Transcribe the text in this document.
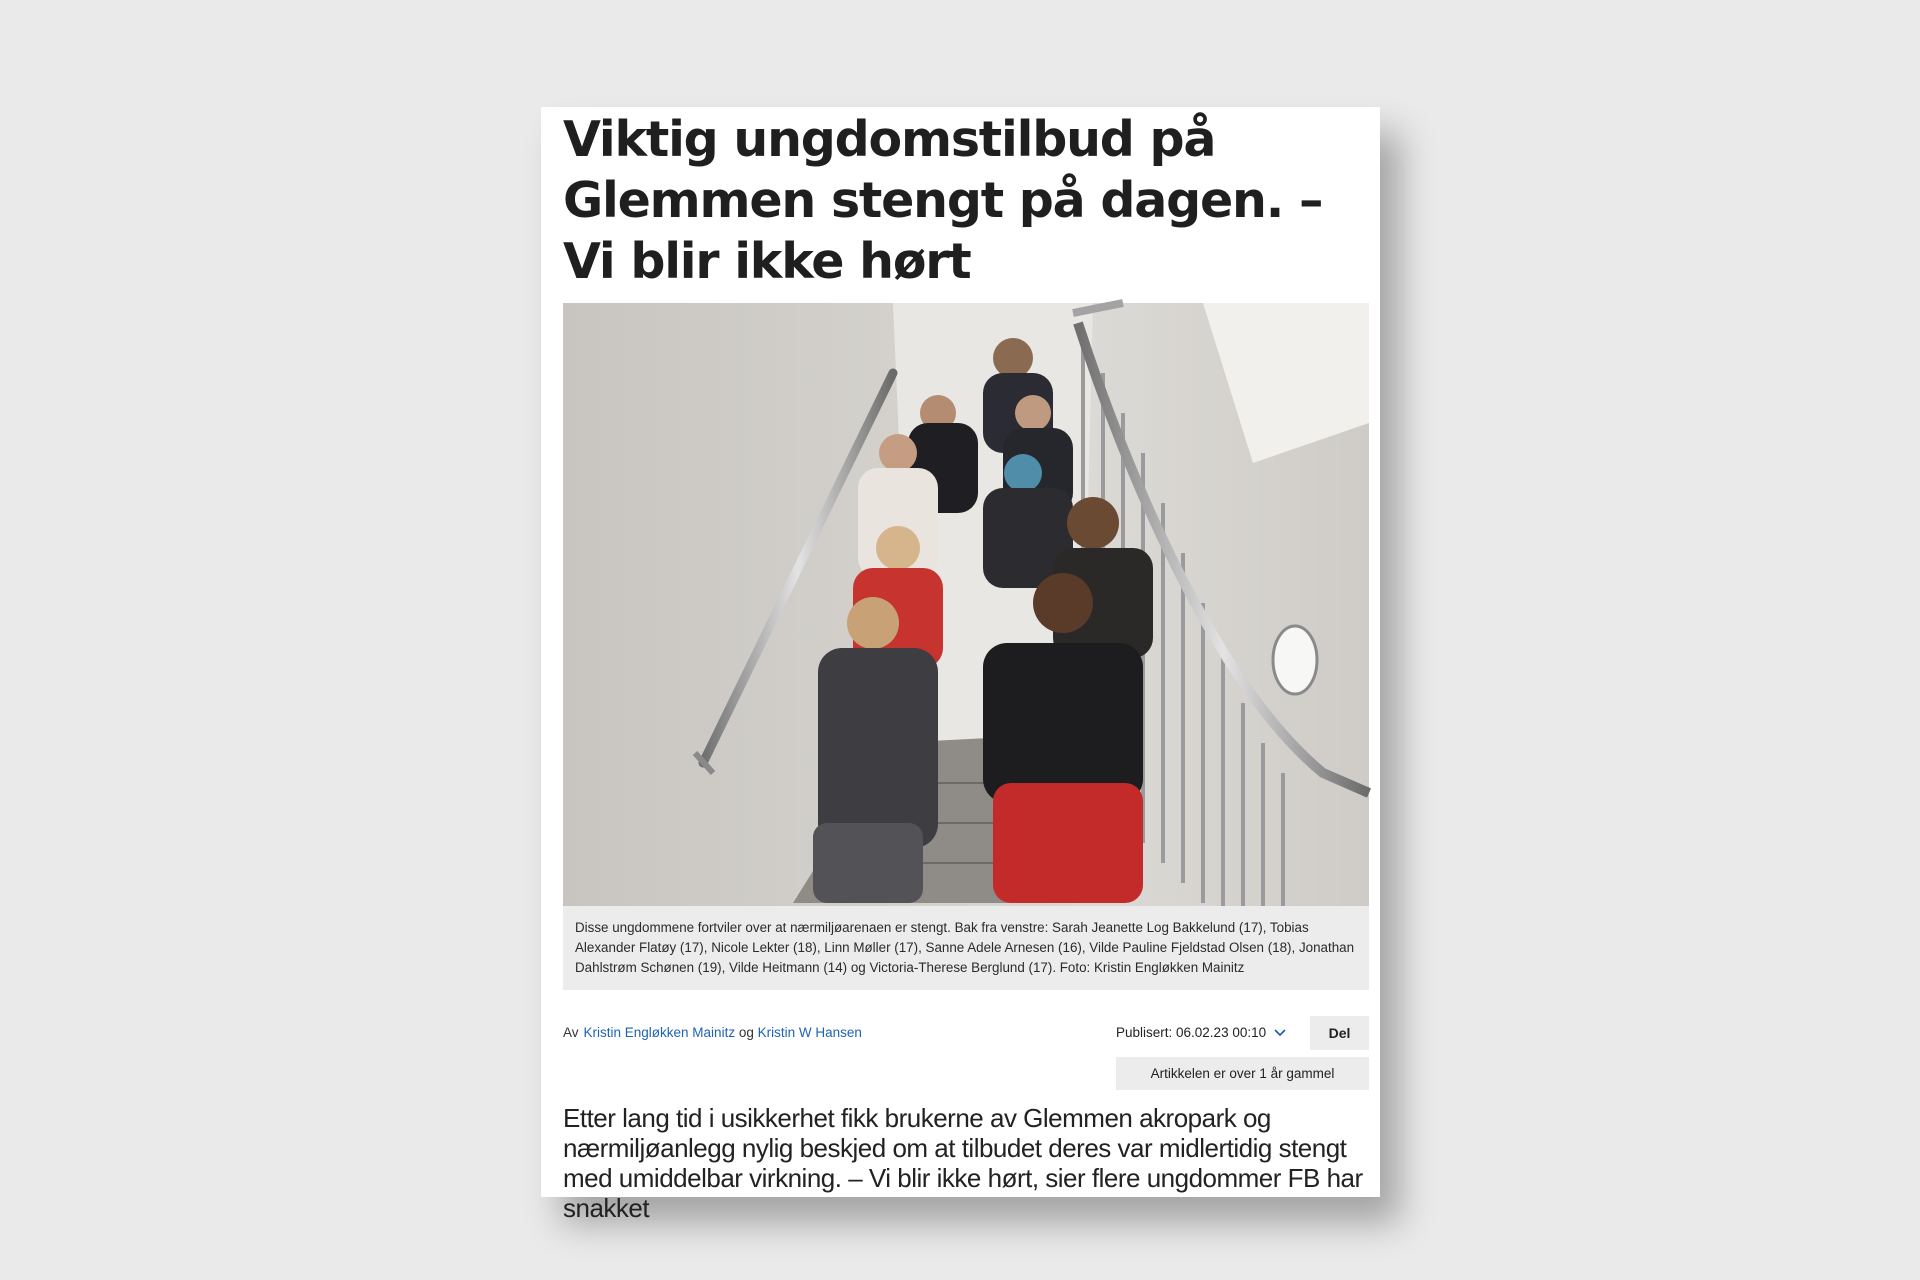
Viktig ungdomstilbud på Glemmen stengt på dagen. – Vi blir ikke hørt
Disse ungdommene fortviler over at nærmiljøarenaen er stengt. Bak fra venstre: Sarah Jeanette Log Bakkelund (17), Tobias Alexander Flatøy (17), Nicole Lekter (18), Linn Møller (17), Sanne Adele Arnesen (16), Vilde Pauline Fjeldstad Olsen (18), Jonathan Dahlstrøm Schønen (19), Vilde Heitmann (14) og Victoria-Therese Berglund (17). Foto: Kristin Engløkken Mainitz
Av Kristin Engløkken Mainitz og Kristin W Hansen	Publisert: 06.02.23 00:10	Del
Artikkelen er over 1 år gammel

Etter lang tid i usikkerhet fikk brukerne av Glemmen akropark og nærmiljøanlegg nylig beskjed om at tilbudet deres var midlertidig stengt med umiddelbar virkning. – Vi blir ikke hørt, sier flere ungdommer FB har snakket
